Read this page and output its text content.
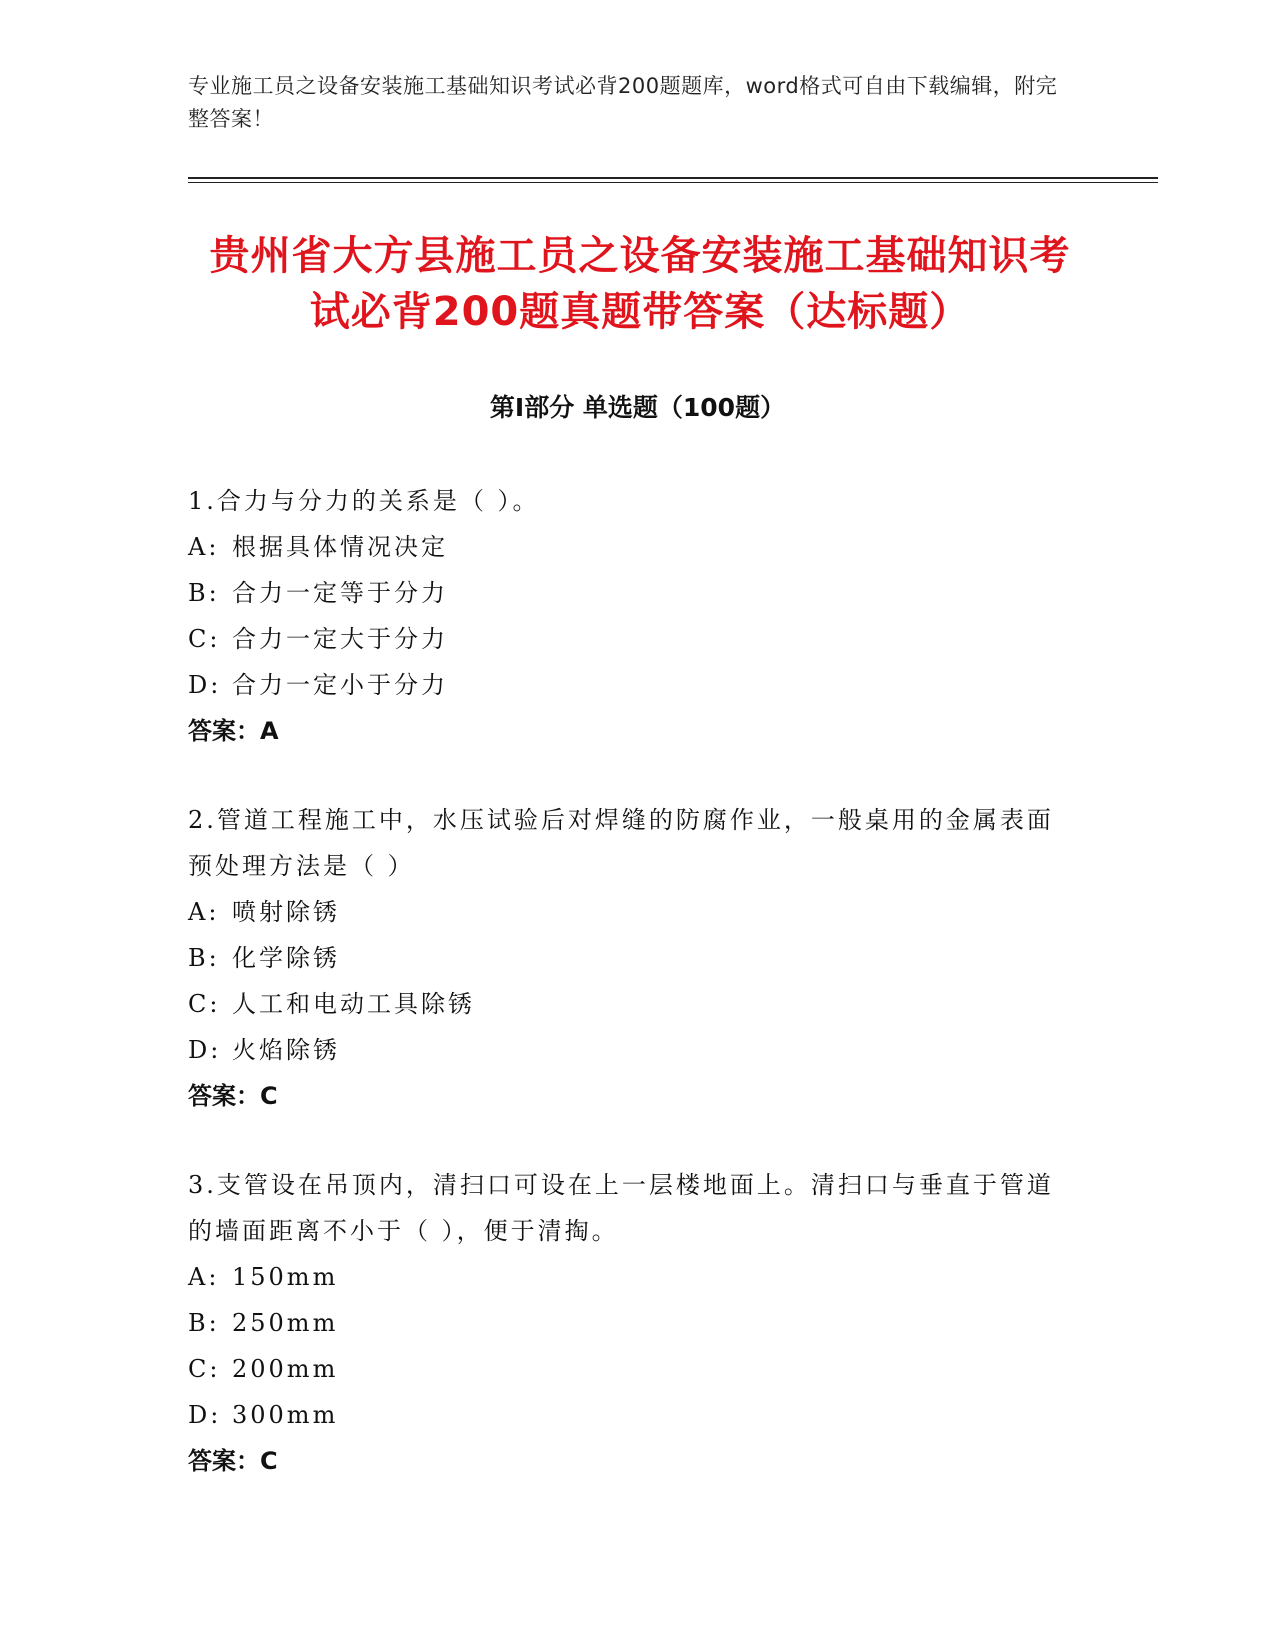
专业施工员之设备安装施工基础知识考试必背200题题库，word格式可自由下载编辑，附完整答案！
贵州省大方县施工员之设备安装施工基础知识考试必背200题真题带答案（达标题）
第I部分 单选题（100题）
1.合力与分力的关系是（ ）。
A: 根据具体情况决定
B: 合力一定等于分力
C: 合力一定大于分力
D: 合力一定小于分力
答案：A
2.管道工程施工中，水压试验后对焊缝的防腐作业，一般桌用的金属表面预处理方法是（ ）
A: 喷射除锈
B: 化学除锈
C: 人工和电动工具除锈
D: 火焰除锈
答案：C
3.支管设在吊顶内，清扫口可设在上一层楼地面上。清扫口与垂直于管道的墙面距离不小于（ ），便于清掏。
A: 150mm
B: 250mm
C: 200mm
D: 300mm
答案：C
